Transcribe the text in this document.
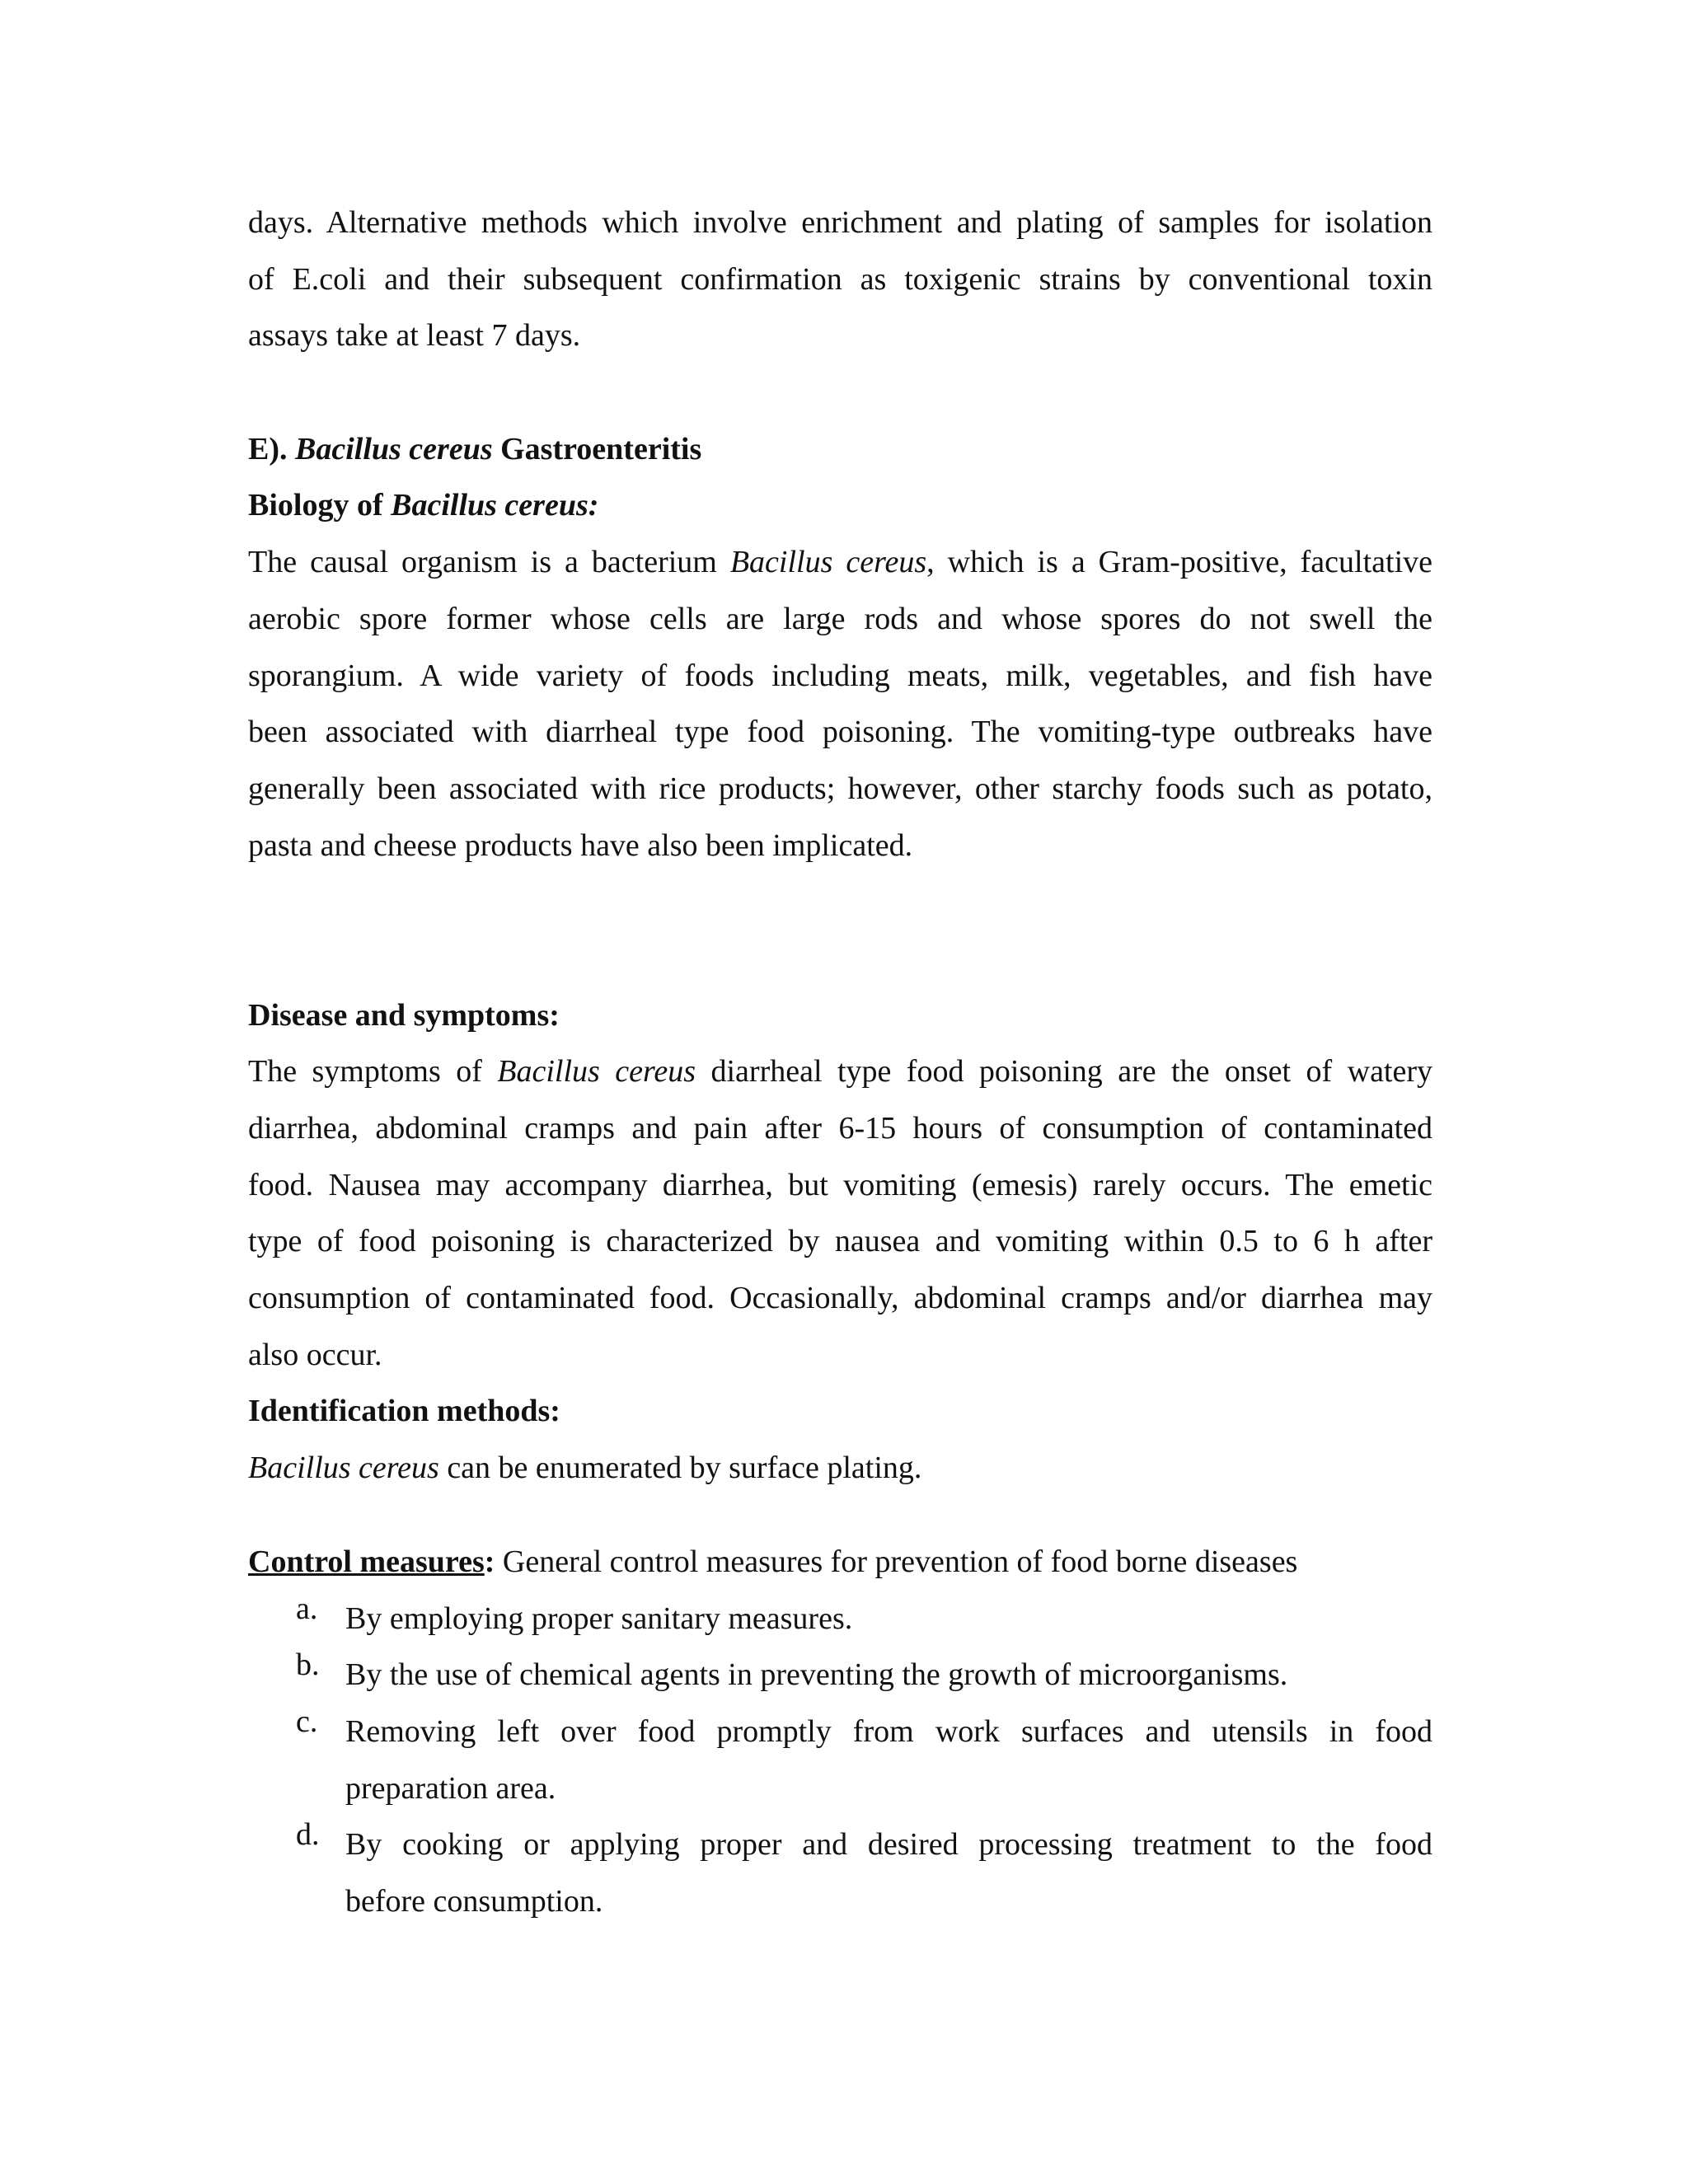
days. Alternative methods which involve enrichment and plating of samples for isolation
of E.coli and their subsequent confirmation as toxigenic strains by conventional toxin
assays take at least 7 days.
E). Bacillus cereus Gastroenteritis
Biology of Bacillus cereus:
The causal organism is a bacterium Bacillus cereus, which is a Gram-positive, facultative
aerobic spore former whose cells are large rods and whose spores do not swell the
sporangium. A wide variety of foods including meats, milk, vegetables, and fish have
been associated with diarrheal type food poisoning. The vomiting-type outbreaks have
generally been associated with rice products; however, other starchy foods such as potato,
pasta and cheese products have also been implicated.
Disease and symptoms:
The symptoms of Bacillus cereus diarrheal type food poisoning are the onset of watery
diarrhea, abdominal cramps and pain after 6-15 hours of consumption of contaminated
food. Nausea may accompany diarrhea, but vomiting (emesis) rarely occurs. The emetic
type of food poisoning is characterized by nausea and vomiting within 0.5 to 6 h after
consumption of contaminated food. Occasionally, abdominal cramps and/or diarrhea may
also occur.
Identification methods:
Bacillus cereus can be enumerated by surface plating.
Control measures: General control measures for prevention of food borne diseases
a. By employing proper sanitary measures.
b. By the use of chemical agents in preventing the growth of microorganisms.
c. Removing left over food promptly from work surfaces and utensils in food
preparation area.
d. By cooking or applying proper and desired processing treatment to the food
before consumption.
